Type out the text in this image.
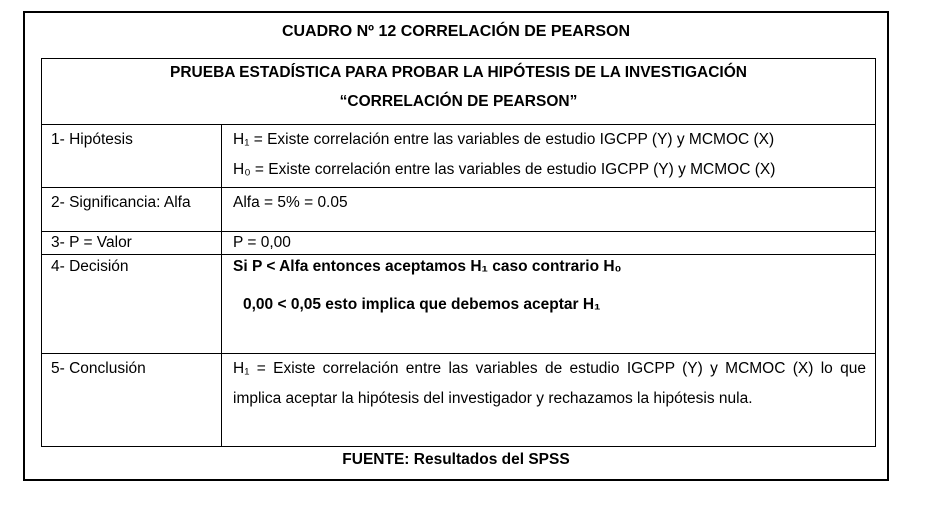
CUADRO Nº 12 CORRELACIÓN DE PEARSON
PRUEBA ESTADÍSTICA PARA PROBAR LA HIPÓTESIS DE LA INVESTIGACIÓN
“CORRELACIÓN DE PEARSON”	

1- Hipótesis	H₁ = Existe correlación entre las variables de estudio IGCPP (Y) y MCMOC (X)
H₀ = Existe correlación entre las variables de estudio IGCPP (Y) y MCMOC (X)

2- Significancia: Alfa	Alfa = 5% = 0.05

3- P = Valor	P = 0,00

4- Decisión	Si P < Alfa entonces aceptamos H₁ caso contrario H₀
0,00 < 0,05 esto implica que debemos aceptar H₁

5- Conclusión	H₁ = Existe correlación entre las variables de estudio IGCPP (Y) y MCMOC (X) lo que implica aceptar la hipótesis del investigador y rechazamos la hipótesis nula.
FUENTE: Resultados del SPSS
